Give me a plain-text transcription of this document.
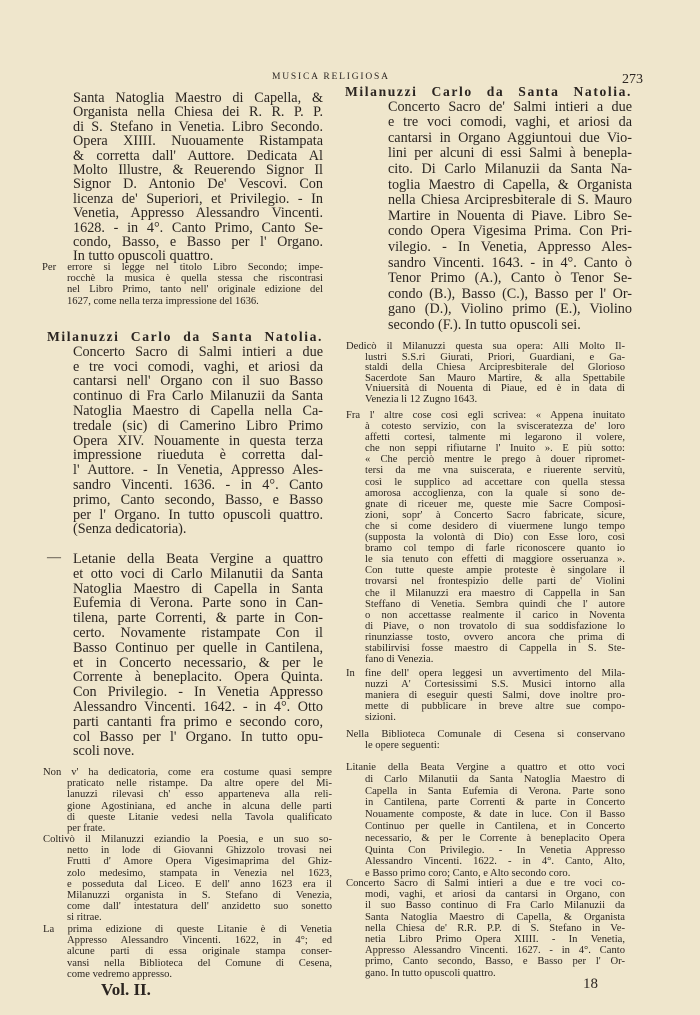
MUSICA RELIGIOSA	273
Santa Natoglia Maestro di Capella, &
Organista nella Chiesa dei R. R. P. P.
di S. Stefano in Venetia. Libro Secondo.
Opera XIIII. Nuouamente Ristampata
& corretta dall' Auttore. Dedicata Al
Molto Illustre, & Reuerendo Signor Il
Signor D. Antonio De' Vescovi. Con
licenza de' Superiori, et Privilegio. - In
Venetia, Appresso Alessandro Vincenti.
1628. - in 4°. Canto Primo, Canto Se-
condo, Basso, e Basso per l' Organo.
In tutto opuscoli quattro.
Per errore si legge nel titolo Libro Secondo; impe-
rocchè la musica è quella stessa che riscontrasi
nel Libro Primo, tanto nell' originale edizione del
1627, come nella terza impressione del 1636.
Milanuzzi Carlo da Santa Natolia.
Concerto Sacro di Salmi intieri a due
e tre voci comodi, vaghi, et ariosi da
cantarsi nell' Organo con il suo Basso
continuo di Fra Carlo Milanuzii da Santa
Natoglia Maestro di Capella nella Ca-
tredale (sic) di Camerino Libro Primo
Opera XIV. Nouamente in questa terza
impressione riueduta è corretta dal-
l' Auttore. - In Venetia, Appresso Ales-
sandro Vincenti. 1636. - in 4°. Canto
primo, Canto secondo, Basso, e Basso
per l' Organo. In tutto opuscoli quattro.
(Senza dedicatoria).
— Letanie della Beata Vergine a quattro
et otto voci di Carlo Milanutii da Santa
Natoglia Maestro di Capella in Santa
Eufemia di Verona. Parte sono in Can-
tilena, parte Correnti, & parte in Con-
certo. Novamente ristampate Con il
Basso Continuo per quelle in Cantilena,
et in Concerto necessario, & per le
Corrente à beneplacito. Opera Quinta.
Con Privilegio. - In Venetia Appresso
Alessandro Vincenti. 1642. - in 4°. Otto
parti cantanti fra primo e secondo coro,
col Basso per l' Organo. In tutto opu-
scoli nove.
Non v' ha dedicatoria, come era costume quasi sempre
praticato nelle ristampe. Da altre opere del Mi-
lanuzzi rilevasi ch' esso apparteneva alla reli-
gione Agostiniana, ed anche in alcuna delle parti
di queste Litanie vedesi nella Tavola qualificato
per frate.
Coltivò il Milanuzzi eziandio la Poesia, e un suo so-
netto in lode di Giovanni Ghizzolo trovasi nei
Frutti d' Amore Opera Vigesimaprima del Ghiz-
zolo medesimo, stampata in Venezia nel 1623,
e posseduta dal Liceo. E dell' anno 1623 era il
Milanuzzi organista in S. Stefano di Venezia,
come dall' intestatura dell' anzidetto suo sonetto
si ritrae.
La prima edizione di queste Litanie è di Venetia
Appresso Alessandro Vincenti. 1622, in 4°; ed
alcune parti di essa originale stampa conser-
vansi nella Biblioteca del Comune di Cesena,
come vedremo appresso.
Vol. II.
Milanuzzi Carlo da Santa Natolia.
Concerto Sacro de' Salmi intieri a due
e tre voci comodi, vaghi, et ariosi da
cantarsi in Organo Aggiuntoui due Vio-
lini per alcuni di essi Salmi à benepla-
cito. Di Carlo Milanuzii da Santa Na-
toglia Maestro di Capella, & Organista
nella Chiesa Arcipresbiterale di S. Mauro
Martire in Nouenta di Piave. Libro Se-
condo Opera Vigesima Prima. Con Pri-
vilegio. - In Venetia, Appresso Ales-
sandro Vincenti. 1643. - in 4°. Canto ò
Tenor Primo (A.), Canto ò Tenor Se-
condo (B.), Basso (C.), Basso per l' Or-
gano (D.), Violino primo (E.), Violino
secondo (F.). In tutto opuscoli sei.
Dedicò il Milanuzzi questa sua opera: Alli Molto Il-
lustri S.S.ri Giurati, Priori, Guardiani, e Ga-
staldi della Chiesa Arcipresbiterale del Glorioso
Sacerdote San Mauro Martire, & alla Spettabile
Vniuersità di Nouenta di Piaue, ed è in data di
Venezia li 12 Zugno 1643.
Fra l' altre cose così egli scrivea: « Appena inuitato
à cotesto servizio, con la svisceratezza de' loro
affetti cortesi, talmente mi legarono il volere,
che non seppi rifiutarne l' Inuito ». E più sotto:
« Che perciò mentre le prego à douer ripromet-
tersi da me vna suiscerata, e riuerente servitù,
così le supplico ad accettare con quella stessa
amorosa accoglienza, con la quale si sono de-
gnate di riceuer me, queste mie Sacre Composi-
zioni, sopr' à Concerto Sacro fabricate, sicure,
che si come desidero di viuermene lungo tempo
(supposta la volontà di Dio) con Esse loro, così
bramo col tempo di farle riconoscere quanto io
le sia tenuto con effetti di maggiore osseruanza ».
Con tutte queste ampie proteste è singolare il
trovarsi nel frontespizio delle parti de' Violini
che il Milanuzzi era maestro di Cappella in San
Steffano di Venetia. Sembra quindi che l' autore
o non accettasse realmente il carico in Noventa
di Piave, o non trovatolo di sua soddisfazione lo
rinunziasse tosto, ovvero ancora che prima di
stabilirvisi fosse maestro di Cappella in S. Ste-
fano di Venezia.
In fine dell' opera leggesi un avvertimento del Mila-
nuzzi A' Cortesissimi S.S. Musici intorno alla
maniera di eseguir questi Salmi, dove inoltre pro-
mette di pubblicare in breve altre sue compo-
sizioni.
Nella Biblioteca Comunale di Cesena si conservano
le opere seguenti:
Litanie della Beata Vergine a quattro et otto voci
di Carlo Milanutii da Santa Natoglia Maestro di
Capella in Santa Eufemia di Verona. Parte sono
in Cantilena, parte Correnti & parte in Concerto
Nouamente composte, & date in luce. Con il Basso
Continuo per quelle in Cantilena, et in Concerto
necessario, & per le Corrente à beneplacito Opera
Quinta Con Privilegio. - In Venetia Appresso
Alessandro Vincenti. 1622. - in 4°. Canto, Alto,
e Basso primo coro; Canto, e Alto secondo coro.
Concerto Sacro di Salmi intieri a due e tre voci co-
modi, vaghi, et ariosi da cantarsi in Organo, con
il suo Basso continuo di Fra Carlo Milanuzii da
Santa Natoglia Maestro di Capella, & Organista
nella Chiesa de' R.R. P.P. di S. Stefano in Ve-
netia Libro Primo Opera XIIII. - In Venetia,
Appresso Alessandro Vincenti. 1627. - in 4°. Canto
primo, Canto secondo, Basso, e Basso per l' Or-
gano. In tutto opuscoli quattro.
18
